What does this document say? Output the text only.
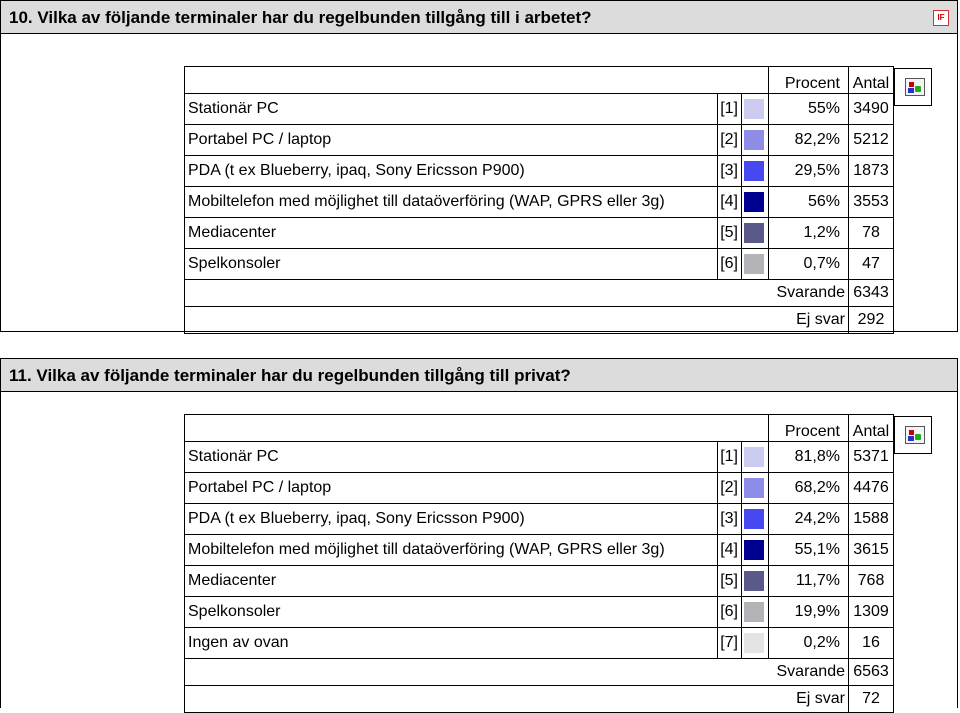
10. Vilka av följande terminaler har du regelbunden tillgång till i arbetet?	IF
			Procent	Antal
Stationär PC	[1]		55%	3490
Portabel PC / laptop	[2]		82,2%	5212
PDA (t ex Blueberry, ipaq, Sony Ericsson P900)	[3]		29,5%	1873
Mobiltelefon med möjlighet till dataöverföring (WAP, GPRS eller 3g)	[4]		56%	3553
Mediacenter	[5]		1,2%	78
Spelkonsoler	[6]		0,7%	47
Svarande				6343
Ej svar				292
11. Vilka av följande terminaler har du regelbunden tillgång till privat?
			Procent	Antal
Stationär PC	[1]		81,8%	5371
Portabel PC / laptop	[2]		68,2%	4476
PDA (t ex Blueberry, ipaq, Sony Ericsson P900)	[3]		24,2%	1588
Mobiltelefon med möjlighet till dataöverföring (WAP, GPRS eller 3g)	[4]		55,1%	3615
Mediacenter	[5]		11,7%	768
Spelkonsoler	[6]		19,9%	1309
Ingen av ovan	[7]		0,2%	16
Svarande				6563
Ej svar				72
